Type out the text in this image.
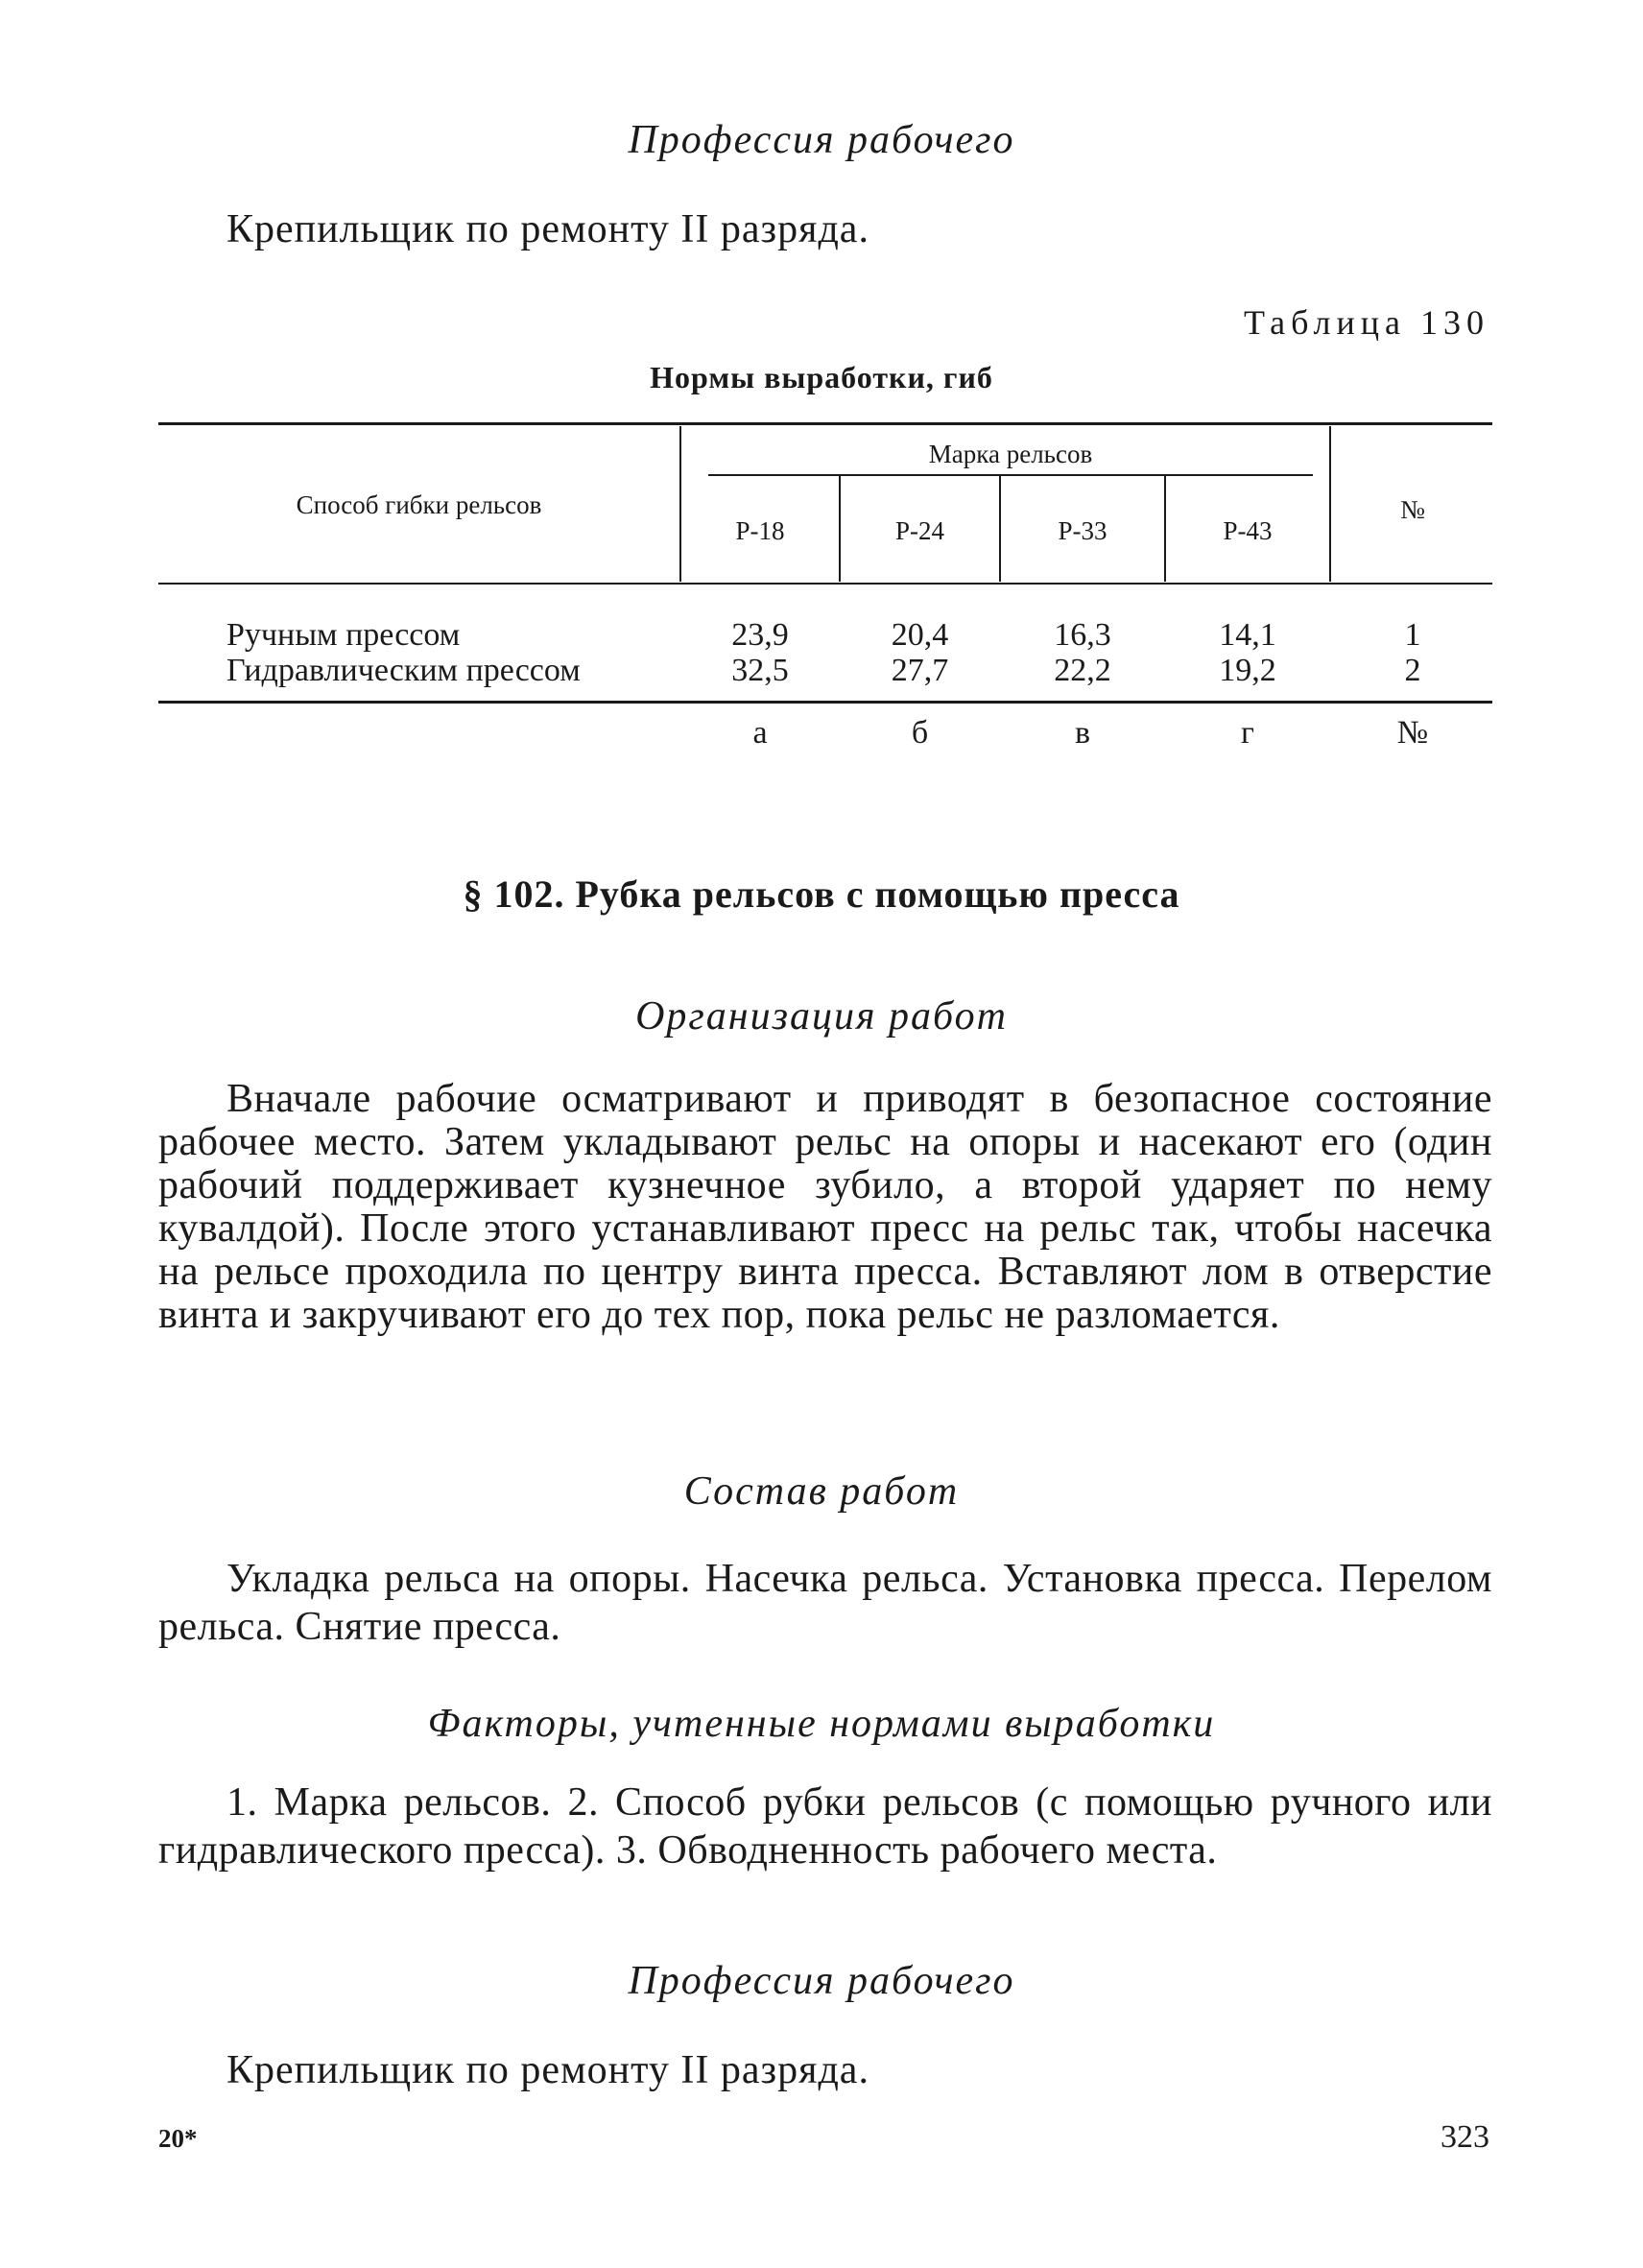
Профессия рабочего
Крепильщик по ремонту II разряда.
Таблица 130
Нормы выработки, гиб
Способ гибки рельсов
Марка рельсов
№
Р-18	Р-24	Р-33	Р-43
Ручным прессом	23,9	20,4	16,3	14,1	1
Гидравлическим прессом	32,5	27,7	22,2	19,2	2
а	б	в	г	№
§ 102. Рубка рельсов с помощью пресса
Организация работ
Вначале рабочие осматривают и приводят в безопасное состояние рабочее место. Затем укладывают рельс на опоры и насекают его (один рабочий поддерживает кузнечное зубило, а второй ударяет по нему кувалдой). После этого устанавливают пресс на рельс так, чтобы насечка на рельсе проходила по центру винта пресса. Вставляют лом в отверстие винта и закручивают его до тех пор, пока рельс не разломается.
Состав работ
Укладка рельса на опоры. Насечка рельса. Установка пресса. Перелом рельса. Снятие пресса.
Факторы, учтенные нормами выработки
1. Марка рельсов. 2. Способ рубки рельсов (с помощью ручного или гидравлического пресса). 3. Обводненность рабочего места.
Профессия рабочего
Крепильщик по ремонту II разряда.
20*	323
